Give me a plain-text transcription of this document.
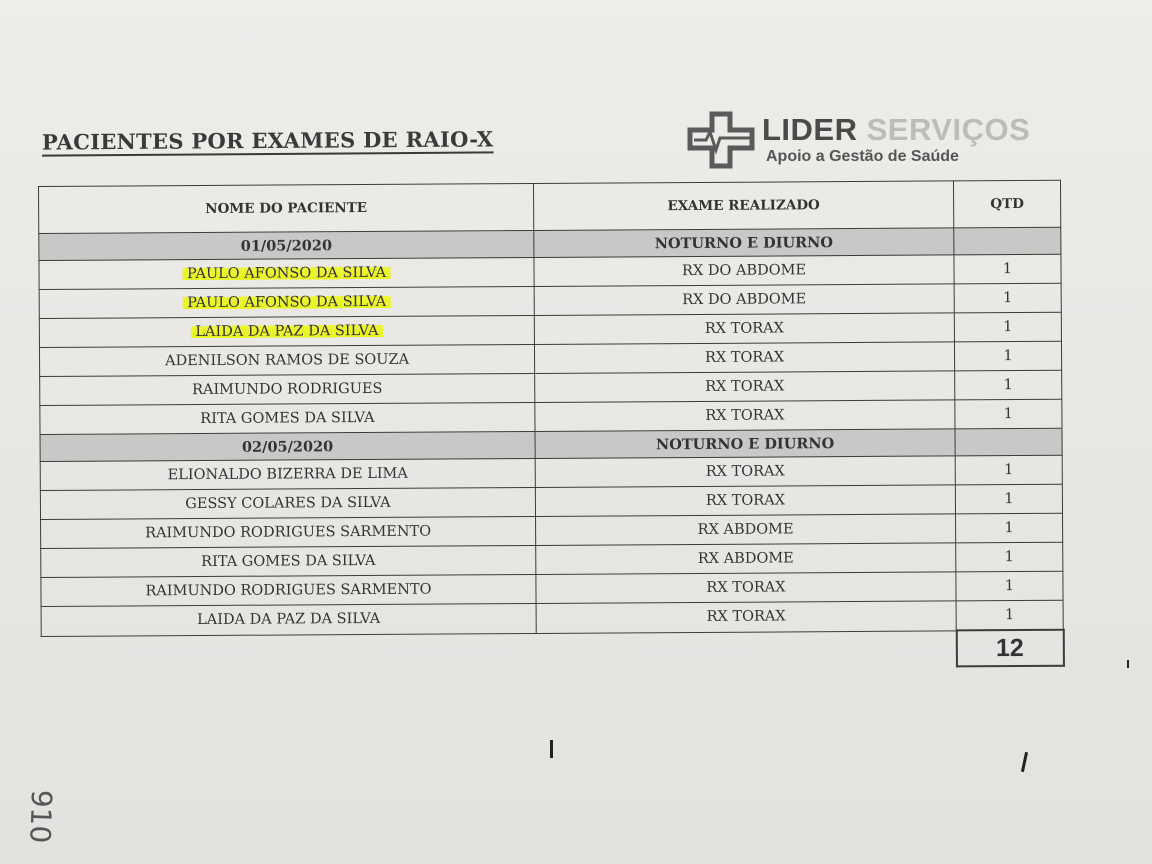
PACIENTES POR EXAMES DE RAIO-X	LIDER SERVIÇOS
Apoio a Gestão de Saúde
NOME DO PACIENTE	EXAME REALIZADO	QTD
01/05/2020	NOTURNO E DIURNO	
PAULO AFONSO DA SILVA	RX DO ABDOME	1
PAULO AFONSO DA SILVA	RX DO ABDOME	1
LAIDA DA PAZ DA SILVA	RX TORAX	1
ADENILSON RAMOS DE SOUZA	RX TORAX	1
RAIMUNDO RODRIGUES	RX TORAX	1
RITA GOMES DA SILVA	RX TORAX	1
02/05/2020	NOTURNO E DIURNO	
ELIONALDO BIZERRA DE LIMA	RX TORAX	1
GESSY COLARES DA SILVA	RX TORAX	1
RAIMUNDO RODRIGUES SARMENTO	RX ABDOME	1
RITA GOMES DA SILVA	RX ABDOME	1
RAIMUNDO RODRIGUES SARMENTO	RX TORAX	1
LAIDA DA PAZ DA SILVA	RX TORAX	1
		12
910
